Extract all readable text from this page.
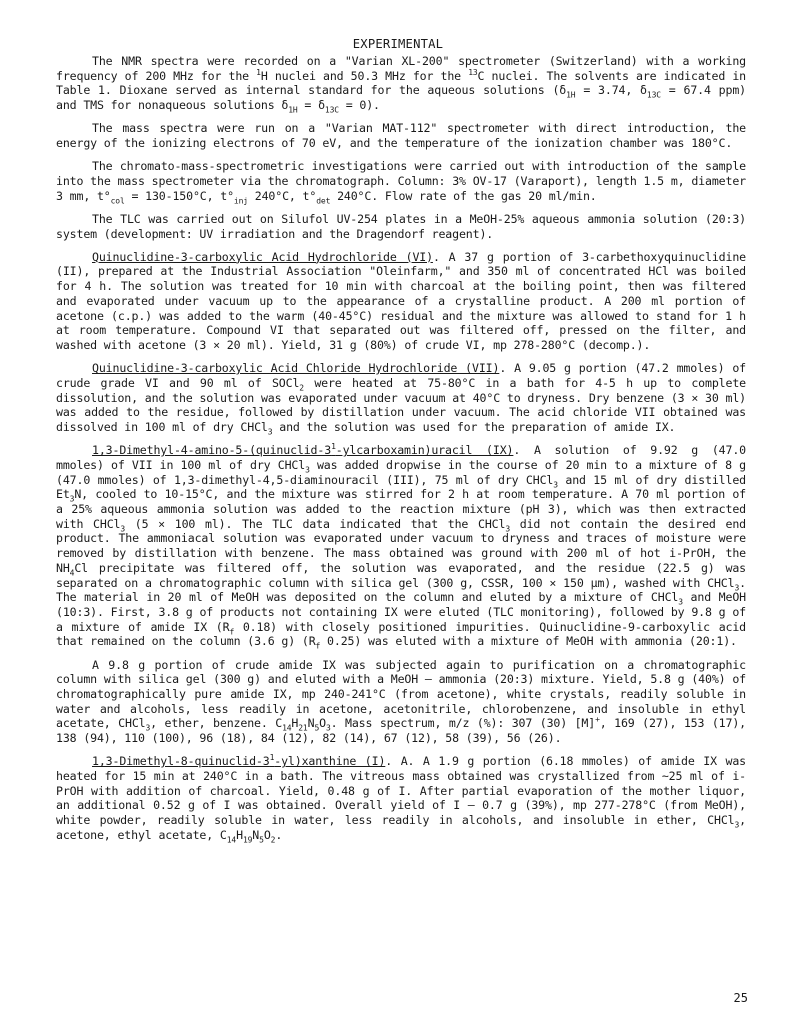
EXPERIMENTAL

The NMR spectra were recorded on a "Varian XL-200" spectrometer (Switzerland) with a working frequency of 200 MHz for the $^1$H nuclei and 50.3 MHz for the $^{13}$C nuclei. The solvents are indicated in Table 1. Dioxane served as internal standard for the aqueous solutions ($\delta_{1H} = 3.74$, $\delta_{13C} = 67.4$ ppm) and TMS for nonaqueous solutions $\delta_{1H} = \delta_{13C} = 0$).

The mass spectra were run on a "Varian MAT-112" spectrometer with direct introduction, the energy of the ionizing electrons of 70 eV, and the temperature of the ionization chamber was 180°C.

The chromato-mass-spectrometric investigations were carried out with introduction of the sample into the mass spectrometer via the chromatograph. Column: 3% OV-17 (Varaport), length 1.5 m, diameter 3 mm, $t^\circ_{col} = 130-150^\circ C$, $t^\circ_{inj}$ 240°C, $t^\circ_{det}$ 240°C. Flow rate of the gas 20 ml/min.

The TLC was carried out on Silufol UV-254 plates in a MeOH-25% aqueous ammonia solution (20:3) system (development: UV irradiation and the Dragendorf reagent).

Quinuclidine-3-carboxylic Acid Hydrochloride (VI). A 37 g portion of 3-carbethoxyquinuclidine (II), prepared at the Industrial Association "Oleinfarm," and 350 ml of concentrated HCl was boiled for 4 h. The solution was treated for 10 min with charcoal at the boiling point, then was filtered and evaporated under vacuum up to the appearance of a crystalline product. A 200 ml portion of acetone (c.p.) was added to the warm (40-45°C) residual and the mixture was allowed to stand for 1 h at room temperature. Compound VI that separated out was filtered off, pressed on the filter, and washed with acetone (3 × 20 ml). Yield, 31 g (80%) of crude VI, mp 278-280°C (decomp.).

Quinuclidine-3-carboxylic Acid Chloride Hydrochloride (VII). A 9.05 g portion (47.2 mmoles) of crude grade VI and 90 ml of SOCl$_2$ were heated at 75-80°C in a bath for 4-5 h up to complete dissolution, and the solution was evaporated under vacuum at 40°C to dryness. Dry benzene (3 × 30 ml) was added to the residue, followed by distillation under vacuum. The acid chloride VII obtained was dissolved in 100 ml of dry CHCl$_3$ and the solution was used for the preparation of amide IX.

$1,3-Dimethyl-4-amino-5-(quinuclid-3^1-ylcarboxamin)uracil$ (IX). A solution of 9.92 g (47.0 mmoles) of VII in 100 ml of dry CHCl$_3$ was added dropwise in the course of 20 min to a mixture of 8 g (47.0 mmoles) of 1,3-dimethyl-4,5-diaminouracil (III), 75 ml of dry CHCl$_3$ and 15 ml of dry distilled $Et_3N$, cooled to 10-15°C, and the mixture was stirred for 2 h at room temperature. A 70 ml portion of a 25% aqueous ammonia solution was added to the reaction mixture (pH 3), which was then extracted with CHCl$_3$ (5 × 100 ml). The TLC data indicated that the CHCl$_3$ did not contain the desired end product. The ammoniacal solution was evaporated under vacuum to dryness and traces of moisture were removed by distillation with benzene. The mass obtained was ground with 200 ml of hot i-PrOH, the $NH_4Cl$ precipitate was filtered off, the solution was evaporated, and the residue (22.5 g) was separated on a chromatographic column with silica gel (300 g, CSSR, 100 × 150 μm), washed with CHCl$_3$. The material in 20 ml of MeOH was deposited on the column and eluted by a mixture of CHCl$_3$ and MeOH (10:3). First, 3.8 g of products not containing IX were eluted (TLC monitoring), followed by 9.8 g of a mixture of amide IX ($R_f$ 0.18) with closely positioned impurities. Quinuclidine-9-carboxylic acid that remained on the column (3.6 g) ($R_f$ 0.25) was eluted with a mixture of MeOH with ammonia (20:1).

A 9.8 g portion of crude amide IX was subjected again to purification on a chromatographic column with silica gel (300 g) and eluted with a MeOH — ammonia (20:3) mixture. Yield, 5.8 g (40%) of chromatographically pure amide IX, mp 240-241°C (from acetone), white crystals, readily soluble in water and alcohols, less readily in acetone, acetonitrile, chlorobenzene, and insoluble in ethyl acetate, CHCl$_3$, ether, benzene. $C_{14}H_{21}N_5O_3$. Mass spectrum, m/z (%): 307 (30) [M]+, 169 (27), 153 (17), 138 (94), 110 (100), 96 (18), 84 (12), 82 (14), 67 (12), 58 (39), 56 (26).

$1,3-Dimethyl-8-quinuclid-3^1-yl)xanthine$ (I). A. A 1.9 g portion (6.18 mmoles) of amide IX was heated for 15 min at 240°C in a bath. The vitreous mass obtained was crystallized from ~25 ml of i-PrOH with addition of charcoal. Yield, 0.48 g of I. After partial evaporation of the mother liquor, an additional 0.52 g of I was obtained. Overall yield of I — 0.7 g (39%), mp 277-278°C (from MeOH), white powder, readily soluble in water, less readily in alcohols, and insoluble in ether, CHCl$_3$, acetone, ethyl acetate, $C_{14}H_{19}N_5O_2$.

25
